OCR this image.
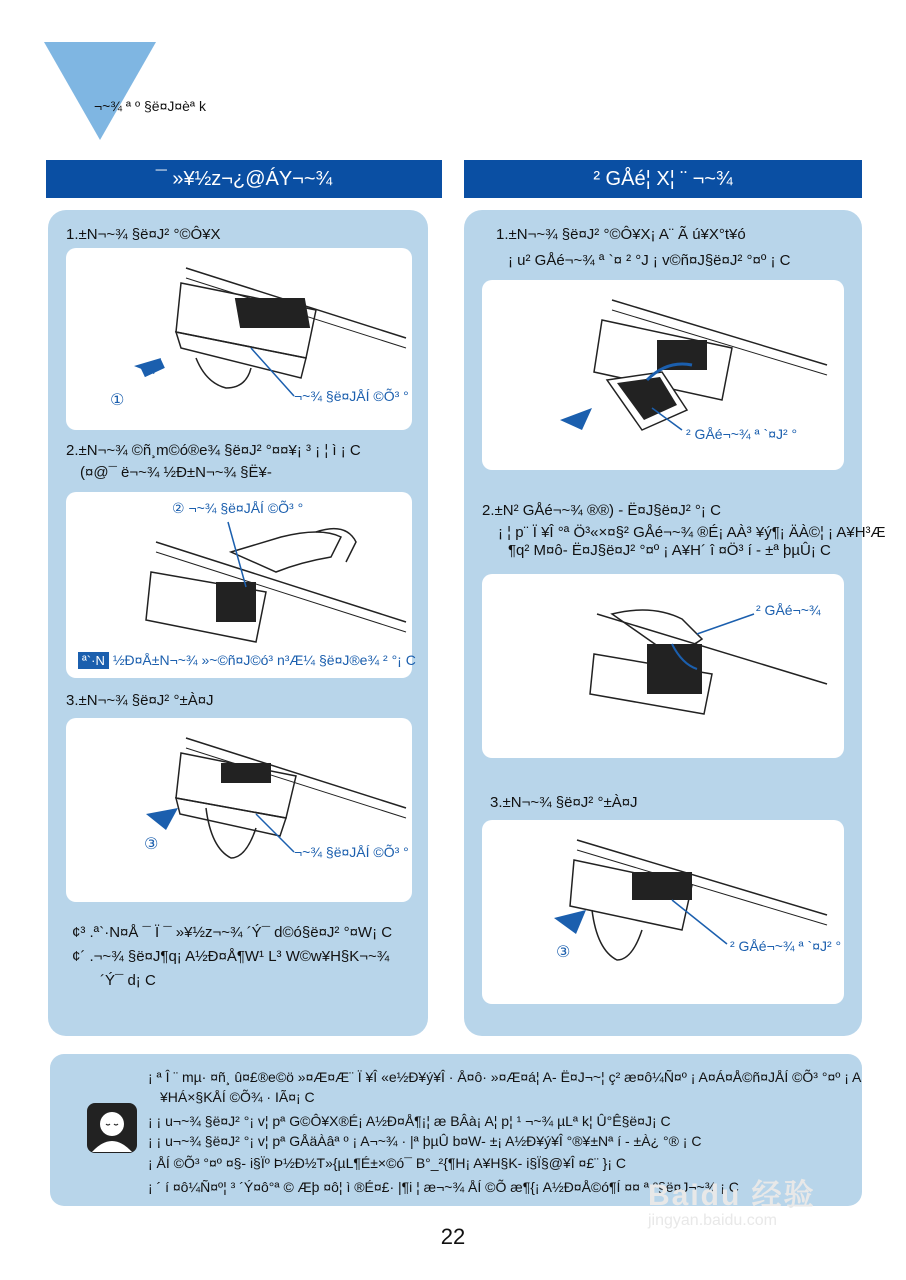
¬~¾ ª º §ë¤J¤èª k
¯ »¥½z¬¿@ÁY¬~¾	² GÅé¦ X¦ ¨ ¬~¾
1.±N¬~¾ §ë¤J² °©Ô¥X
①	¬~¾ §ë¤JÅÍ ©Õ³ °
2.±N¬~¾ ©ñ¸m©ó®e¾ §ë¤J² °¤¤¥¡ ³ ¡ ¦ ì ¡ C
(¤@¯ ë¬~¾ ½Ð±N¬~¾ §Ë¥-
② ¬~¾ §ë¤JÅÍ ©Õ³ °
ª`·N ½Ð¤Å±N¬~¾ »~©ñ¤J©ó³ n³Æ¼ §ë¤J®e¾ ² °¡ C
3.±N¬~¾ §ë¤J² °±À¤J
③	¬~¾ §ë¤JÅÍ ©Õ³ °
¢³ .ª`·N¤Å ¯ Ï ¯ »¥½z¬~¾ ´Ý¯ d©ó§ë¤J² °¤W¡ C
¢´ .¬~¾ §ë¤J¶q¡ A½Ð¤Å¶W¹ L³ W©w¥H§K¬~¾
´Ý¯ d¡ C
1.±N¬~¾ §ë¤J² °©Ô¥X¡ A¨ Ã ú¥X°t¥ó
¡ u² GÅé¬~¾ ª `¤ ² °J ¡ v©ñ¤J§ë¤J² °¤º ¡ C
² GÅé¬~¾ ª `¤J² °
2.±N² GÅé¬~¾ ®®) - Ë¤J§ë¤J² °¡ C
¡ ¦ p¨ Ï ¥Î °ª Ö³«×¤§² GÅé¬~¾ ®É¡ AÀ³ ¥ý¶¡ ÄÀ©¦ ¡ A¥H³Æ
¶q² M¤ô- Ë¤J§ë¤J² °¤º ¡ A¥H´ î ¤Ö³ í - ±ª þµÛ¡ C
² GÅé¬~¾
3.±N¬~¾ §ë¤J² °±À¤J
③	² GÅé¬~¾ ª `¤J² °
¡ ª Î ¨ mµ· ¤ñ¸ û¤£®e©ö »¤Æ¤Æ¨ Ï ¥Î «e½Ð¥ý¥Î · Å¤ô· »¤Æ¤á¦ A- Ë¤J¬~¦ ç² æ¤ô¼Ñ¤º ¡ A¤Á¤Å©ñ¤JÅÍ ©Õ³ °¤º ¡ A
¥HÁ×§KÅÍ ©Õ¾ · IÃ¤¡ C
¡ ¡ u¬~¾ §ë¤J² °¡ v¦ pª G©Ô¥X®É¡ A½Ð¤Å¶¡¦ æ BÂà¡ A¦ p¦ ¹ ¬~¾ µLª k¦ Û°Ê§ë¤J¡ C
¡ ¡ u¬~¾ §ë¤J² °¡ v¦ pª GÅäÀâª º ¡ A¬~¾ · |ª þµÛ b¤W- ±¡ A½Ð¥ý¥Î °®¥±Nª í - ±À¿ °® ¡ C
¡ ÅÍ ©Õ³ °¤º ¤§- i§Ïº Þ½Ð½T»{µL¶É±×©ó¯ B°_²{¶H¡ A¥H§K- i§Ï§@¥Î ¤£¨ }¡ C
¡ ´ í ¤ô¼Ñ¤º¦ ³ ´Ý¤ô°ª © Æþ ¤ô¦ ì ®É¤£· |¶i ¦ æ¬~¾ ÅÍ ©Õ æ¶{¡ A½Ð¤Å©ó¶Í ¤¤ ª º§ë¤J¬~¾ ¡ C
Baidu 经验
jingyan.baidu.com
22
